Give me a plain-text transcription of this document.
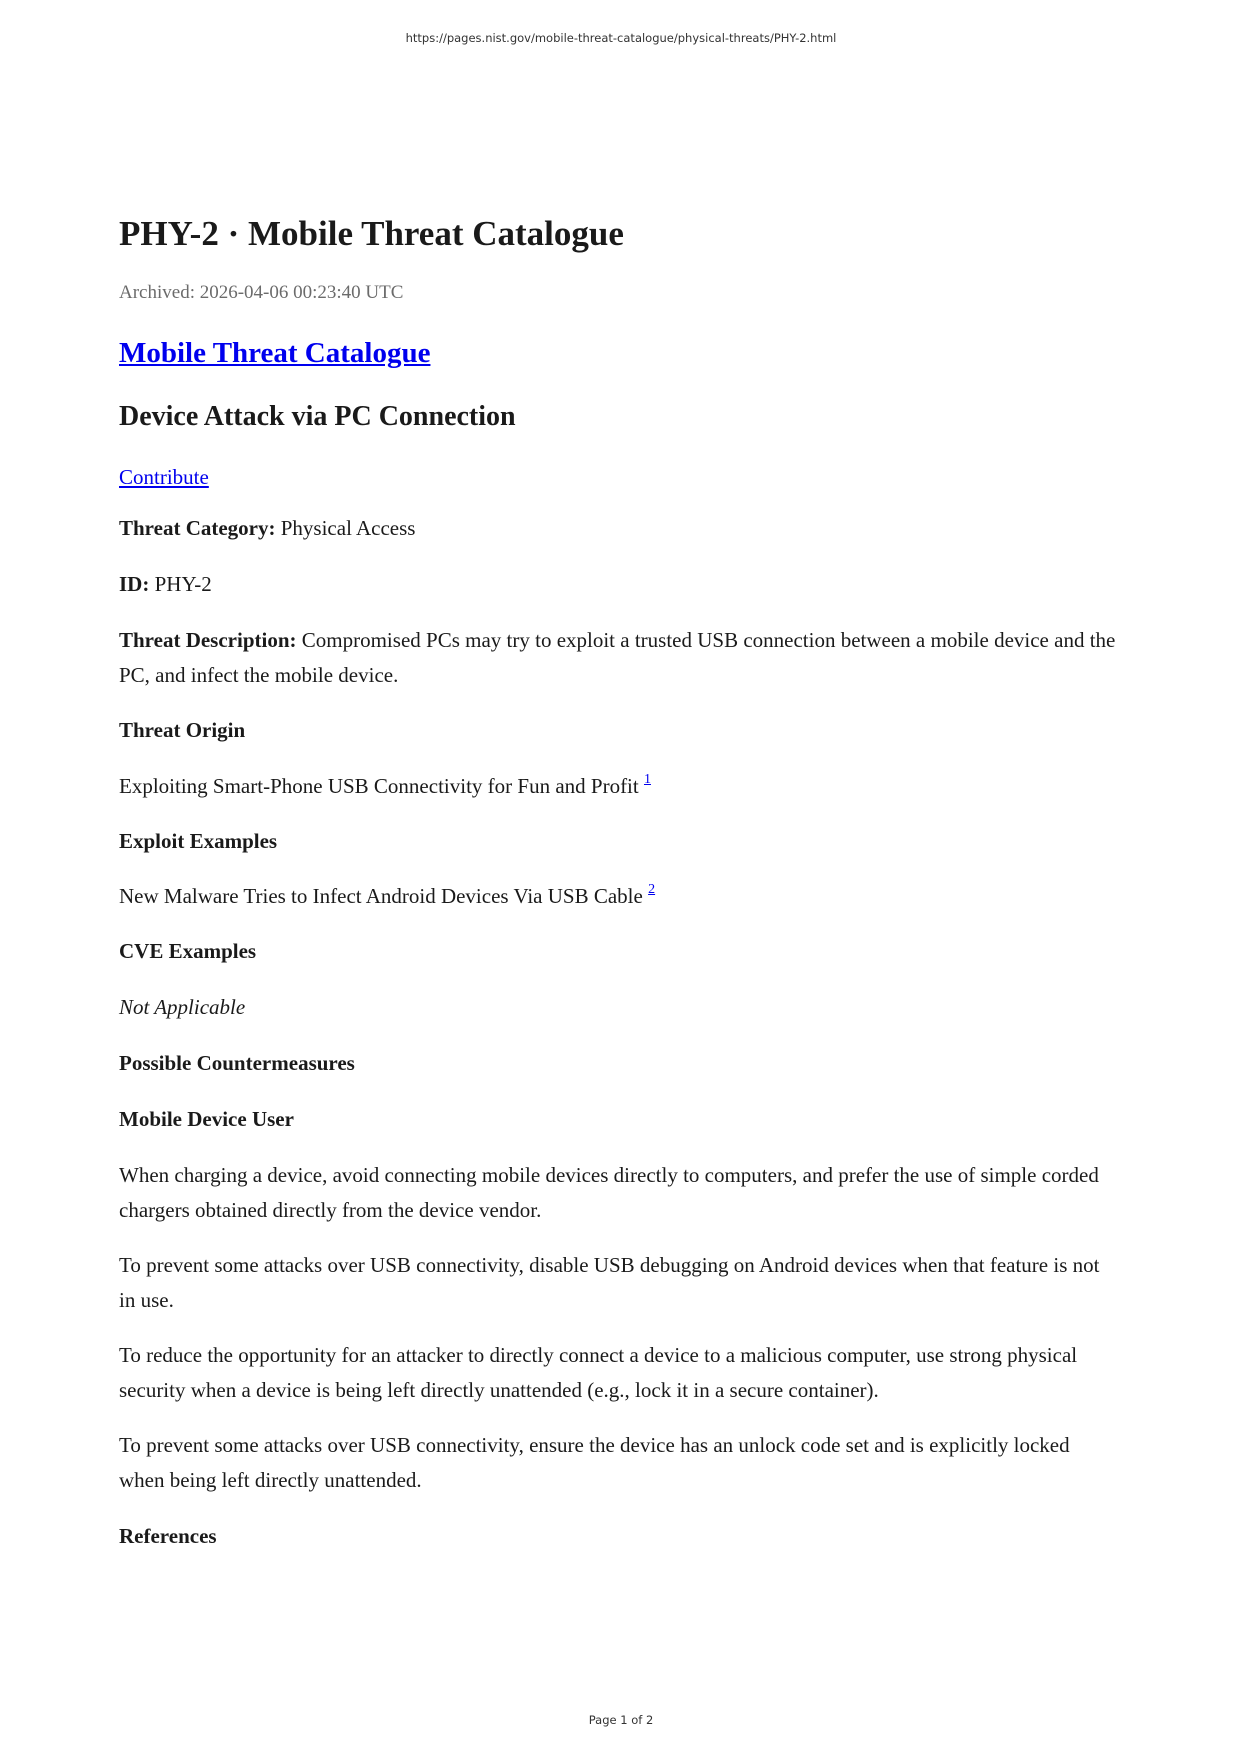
https://pages.nist.gov/mobile-threat-catalogue/physical-threats/PHY-2.html
PHY-2 · Mobile Threat Catalogue
Archived: 2026-04-06 00:23:40 UTC
Mobile Threat Catalogue
Device Attack via PC Connection

Contribute

Threat Category: Physical Access

ID: PHY-2

Threat Description: Compromised PCs may try to exploit a trusted USB connection between a mobile device and the PC, and infect the mobile device.

Threat Origin

Exploiting Smart-Phone USB Connectivity for Fun and Profit $^1$

Exploit Examples

New Malware Tries to Infect Android Devices Via USB Cable $^2$

CVE Examples

Not Applicable

Possible Countermeasures

Mobile Device User

When charging a device, avoid connecting mobile devices directly to computers, and prefer the use of simple corded chargers obtained directly from the device vendor.

To prevent some attacks over USB connectivity, disable USB debugging on Android devices when that feature is not in use.

To reduce the opportunity for an attacker to directly connect a device to a malicious computer, use strong physical security when a device is being left directly unattended (e.g., lock it in a secure container).

To prevent some attacks over USB connectivity, ensure the device has an unlock code set and is explicitly locked when being left directly unattended.

References

Page 1 of 2
